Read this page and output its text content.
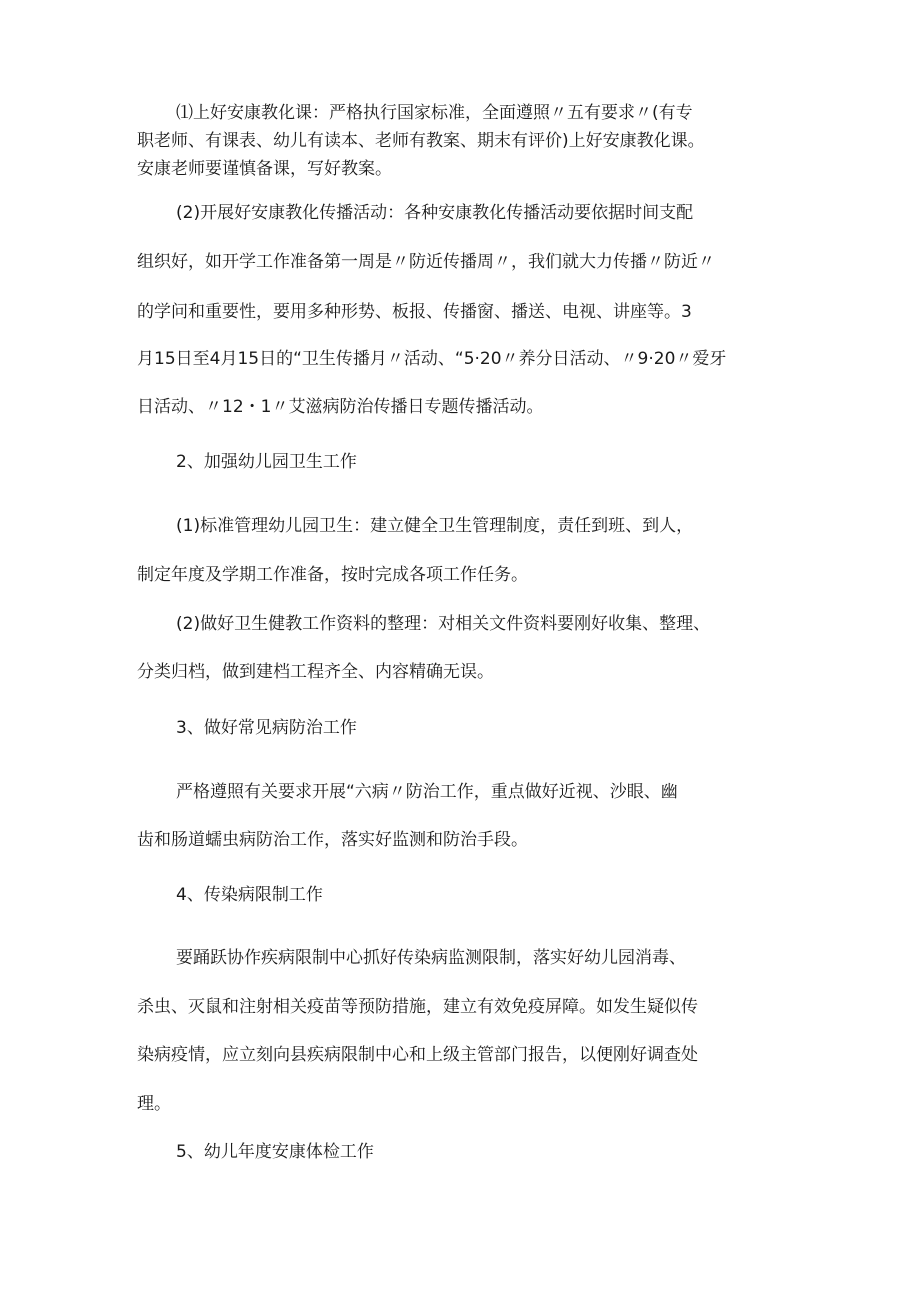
⑴上好安康教化课：严格执行国家标准，全面遵照〃五有要求〃(有专
职老师、有课表、幼儿有读本、老师有教案、期末有评价)上好安康教化课。
安康老师要谨慎备课，写好教案。
(2)开展好安康教化传播活动：各种安康教化传播活动要依据时间支配
组织好，如开学工作准备第一周是〃防近传播周〃，我们就大力传播〃防近〃
的学问和重要性，要用多种形势、板报、传播窗、播送、电视、讲座等。3
月15日至4月15日的“卫生传播月〃活动、“5·20〃养分日活动、〃9·20〃爱牙
日活动、〃12・1〃艾滋病防治传播日专题传播活动。
2、加强幼儿园卫生工作
(1)标准管理幼儿园卫生：建立健全卫生管理制度，责任到班、到人，
制定年度及学期工作准备，按时完成各项工作任务。
(2)做好卫生健教工作资料的整理：对相关文件资料要刚好收集、整理、
分类归档，做到建档工程齐全、内容精确无误。
3、做好常见病防治工作
严格遵照有关要求开展“六病〃防治工作，重点做好近视、沙眼、幽
齿和肠道蠕虫病防治工作，落实好监测和防治手段。
4、传染病限制工作
要踊跃协作疾病限制中心抓好传染病监测限制，落实好幼儿园消毒、
杀虫、灭鼠和注射相关疫苗等预防措施，建立有效免疫屏障。如发生疑似传
染病疫情，应立刻向县疾病限制中心和上级主管部门报告，以便刚好调查处
理。
5、幼儿年度安康体检工作
